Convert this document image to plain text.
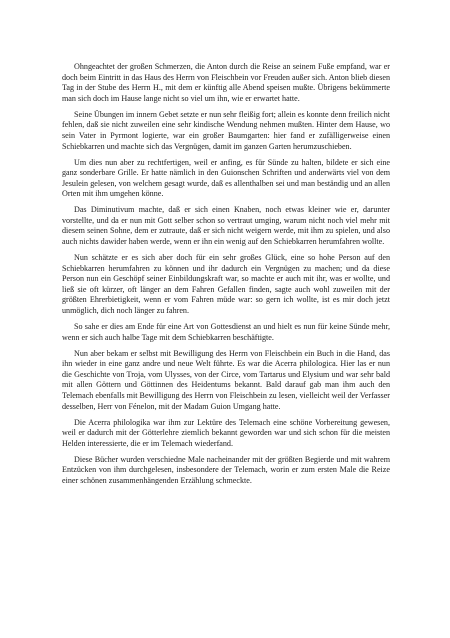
Ohngeachtet der großen Schmerzen, die Anton durch die Reise an seinem Fuße empfand, war er doch beim Eintritt in das Haus des Herrn von Fleischbein vor Freuden außer sich. Anton blieb diesen Tag in der Stube des Herrn H., mit dem er künftig alle Abend speisen mußte. Übrigens bekümmerte man sich doch im Hause lange nicht so viel um ihn, wie er erwartet hatte.

Seine Übungen im innern Gebet setzte er nun sehr fleißig fort; allein es konnte denn freilich nicht fehlen, daß sie nicht zuweilen eine sehr kindische Wendung nehmen mußten. Hinter dem Hause, wo sein Vater in Pyrmont logierte, war ein großer Baumgarten: hier fand er zufälligerweise einen Schiebkarren und machte sich das Vergnügen, damit im ganzen Garten herumzuschieben.

Um dies nun aber zu rechtfertigen, weil er anfing, es für Sünde zu halten, bildete er sich eine ganz sonderbare Grille. Er hatte nämlich in den Guionschen Schriften und anderwärts viel von dem Jesulein gelesen, von welchem gesagt wurde, daß es allenthalben sei und man beständig und an allen Orten mit ihm umgehen könne.

Das Diminutivum machte, daß er sich einen Knaben, noch etwas kleiner wie er, darunter vorstellte, und da er nun mit Gott selber schon so vertraut umging, warum nicht noch viel mehr mit diesem seinen Sohne, dem er zutraute, daß er sich nicht weigern werde, mit ihm zu spielen, und also auch nichts dawider haben werde, wenn er ihn ein wenig auf den Schiebkarren herumfahren wollte.

Nun schätzte er es sich aber doch für ein sehr großes Glück, eine so hohe Person auf den Schiebkarren herumfahren zu können und ihr dadurch ein Vergnügen zu machen; und da diese Person nun ein Geschöpf seiner Einbildungskraft war, so machte er auch mit ihr, was er wollte, und ließ sie oft kürzer, oft länger an dem Fahren Gefallen finden, sagte auch wohl zuweilen mit der größten Ehrerbietigkeit, wenn er vom Fahren müde war: so gern ich wollte, ist es mir doch jetzt unmöglich, dich noch länger zu fahren.

So sahe er dies am Ende für eine Art von Gottesdienst an und hielt es nun für keine Sünde mehr, wenn er sich auch halbe Tage mit dem Schiebkarren beschäftigte.

Nun aber bekam er selbst mit Bewilligung des Herrn von Fleischbein ein Buch in die Hand, das ihn wieder in eine ganz andre und neue Welt führte. Es war die Acerra philologica. Hier las er nun die Geschichte von Troja, vom Ulysses, von der Circe, vom Tartarus und Elysium und war sehr bald mit allen Göttern und Göttinnen des Heidentums bekannt. Bald darauf gab man ihm auch den Telemach ebenfalls mit Bewilligung des Herrn von Fleischbein zu lesen, vielleicht weil der Verfasser desselben, Herr von Fénelon, mit der Madam Guion Umgang hatte.

Die Acerra philologika war ihm zur Lektüre des Telemach eine schöne Vorbereitung gewesen, weil er dadurch mit der Götterlehre ziemlich bekannt geworden war und sich schon für die meisten Helden interessierte, die er im Telemach wiederfand.

Diese Bücher wurden verschiedne Male nacheinander mit der größten Begierde und mit wahrem Entzücken von ihm durchgelesen, insbesondere der Telemach, worin er zum ersten Male die Reize einer schönen zusammenhängenden Erzählung schmeckte.
